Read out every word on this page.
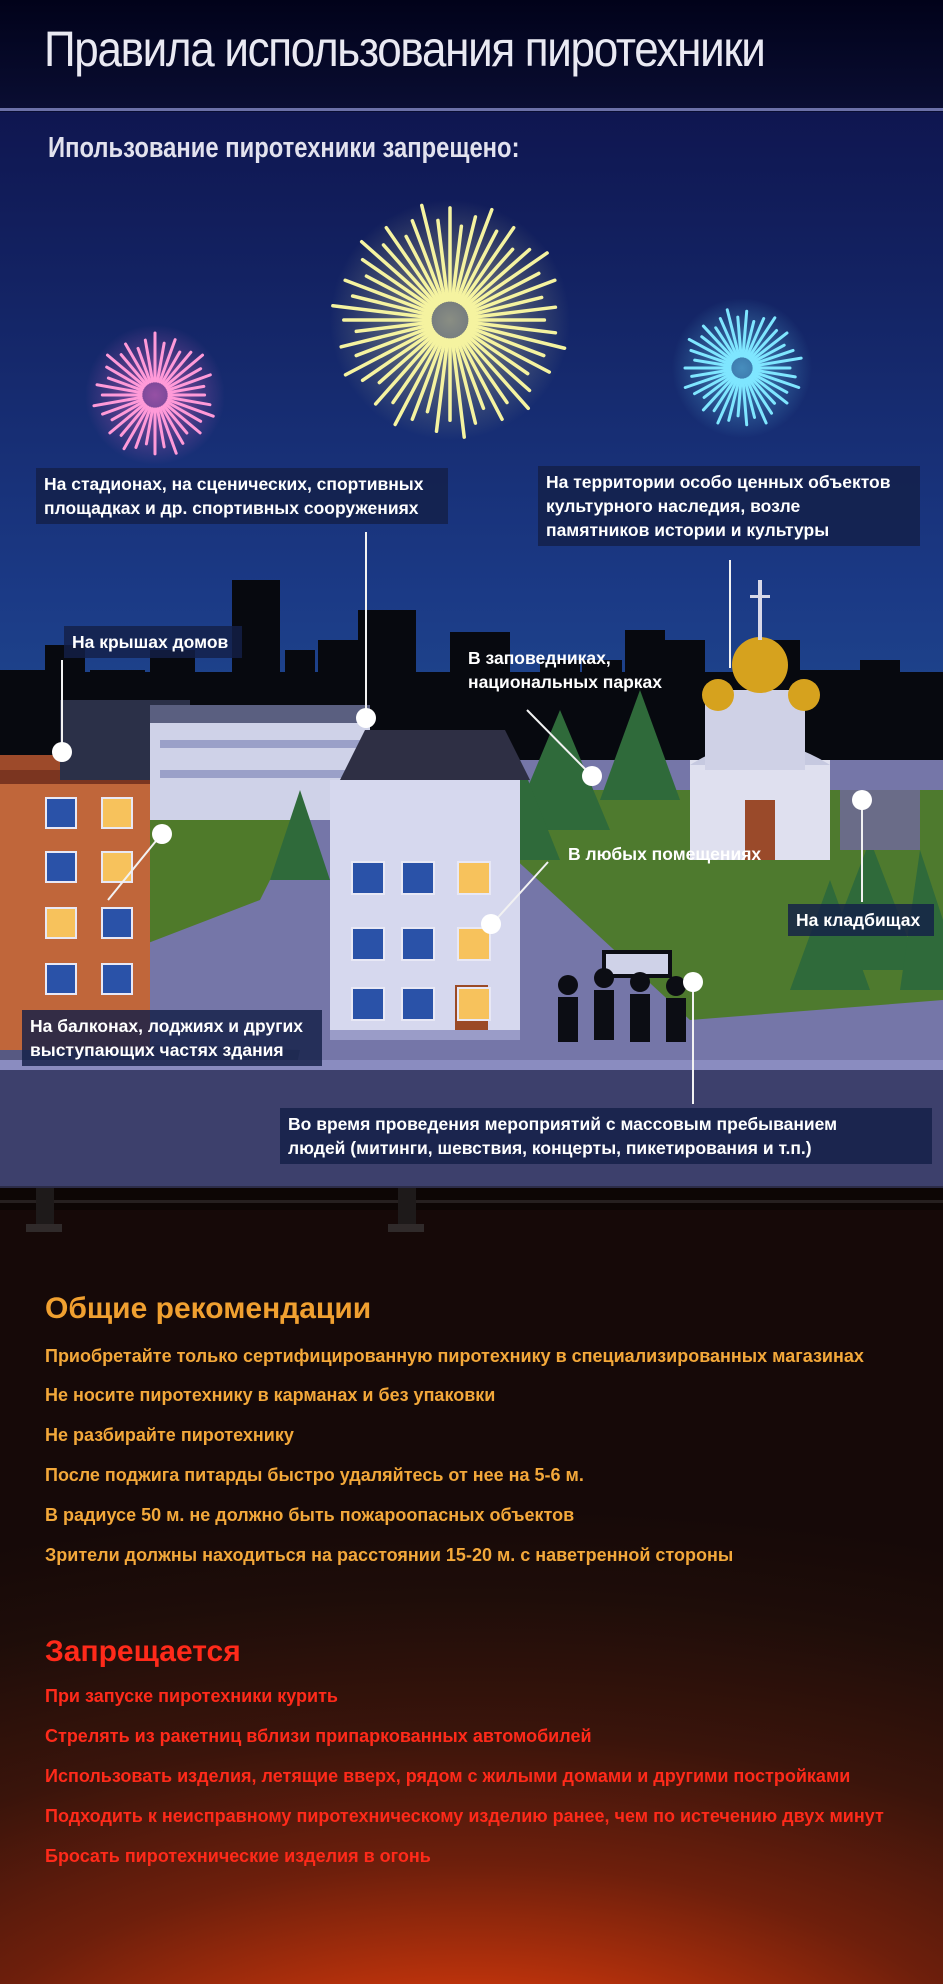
Правила использования пиротехники
Ипользование пиротехники запрещено:
На стадионах, на сценических, спортивных
площадках и др. спортивных сооружениях
На территории особо ценных объектов
культурного наследия, возле
памятников истории и культуры
На крышах домов
В заповедниках,
национальных парках
В любых помещениях
На кладбищах
На балконах, лоджиях и других
выступающих частях здания
Во время проведения мероприятий с массовым пребыванием
людей (митинги, шевствия, концерты, пикетирования и т.п.)
Общие рекомендации
Приобретайте только сертифицированную пиротехнику в специализированных магазинах
Не носите пиротехнику в карманах и без упаковки
Не разбирайте пиротехнику
После поджига питарды быстро удаляйтесь от нее на 5-6 м.
В радиусе 50 м. не должно быть пожароопасных объектов
Зрители должны находиться на расстоянии 15-20 м. с наветренной стороны
Запрещается
При запуске пиротехники курить
Стрелять из ракетниц вблизи припаркованных автомобилей
Использовать изделия, летящие вверх, рядом с жилыми домами и другими постройками
Подходить к неисправному пиротехническому изделию ранее, чем по истечению двух минут
Бросать пиротехнические изделия в огонь
